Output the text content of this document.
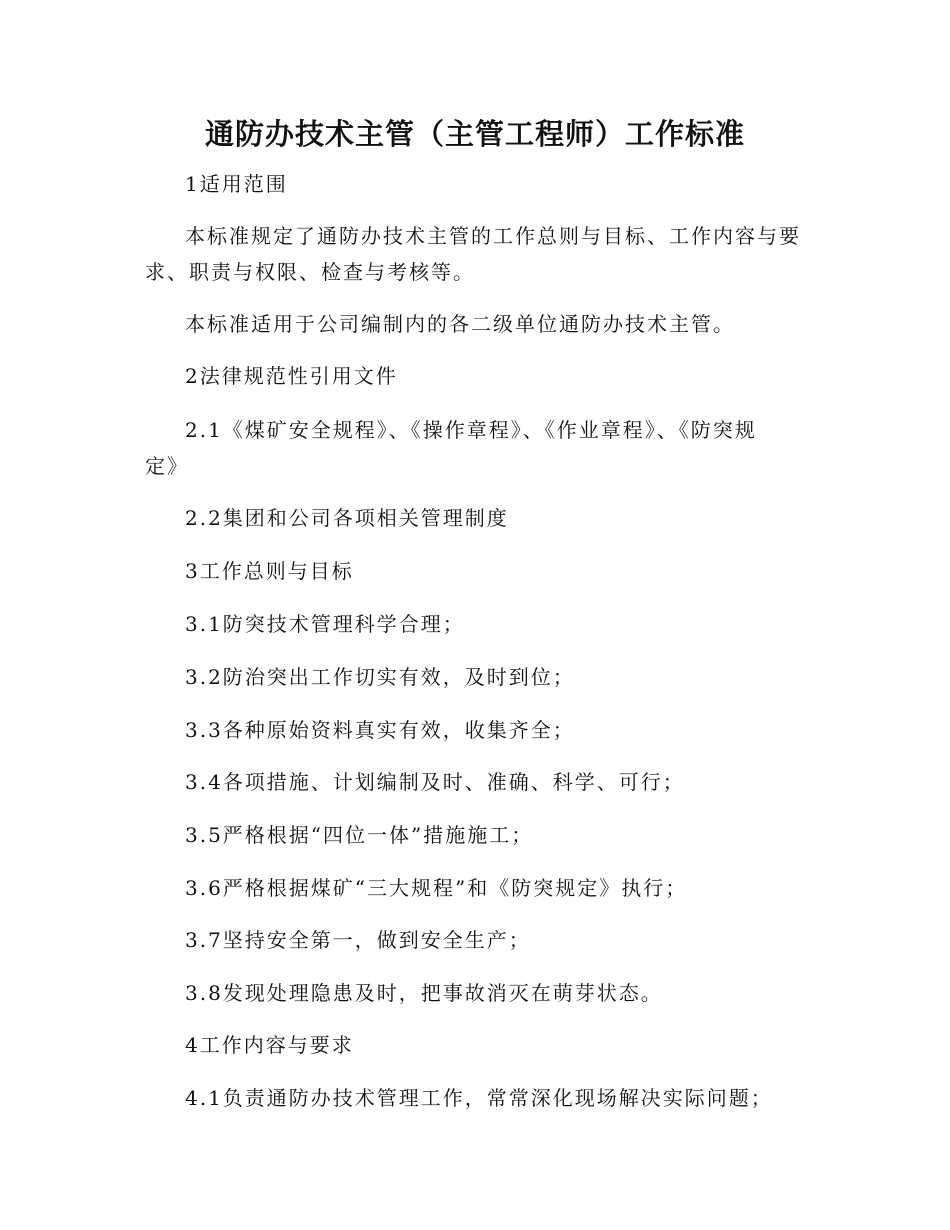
通防办技术主管（主管工程师）工作标准
1适用范围
本标准规定了通防办技术主管的工作总则与目标、工作内容与要
求、职责与权限、检查与考核等。
本标准适用于公司编制内的各二级单位通防办技术主管。
2法律规范性引用文件
2.1《煤矿安全规程》、《操作章程》、《作业章程》、《防突规
定》
2.2集团和公司各项相关管理制度
3工作总则与目标
3.1防突技术管理科学合理；
3.2防治突出工作切实有效，及时到位；
3.3各种原始资料真实有效，收集齐全；
3.4各项措施、计划编制及时、准确、科学、可行；
3.5严格根据“四位一体”措施施工；
3.6严格根据煤矿“三大规程”和《防突规定》执行；
3.7坚持安全第一，做到安全生产；
3.8发现处理隐患及时，把事故消灭在萌芽状态。
4工作内容与要求
4.1负责通防办技术管理工作，常常深化现场解决实际问题；
